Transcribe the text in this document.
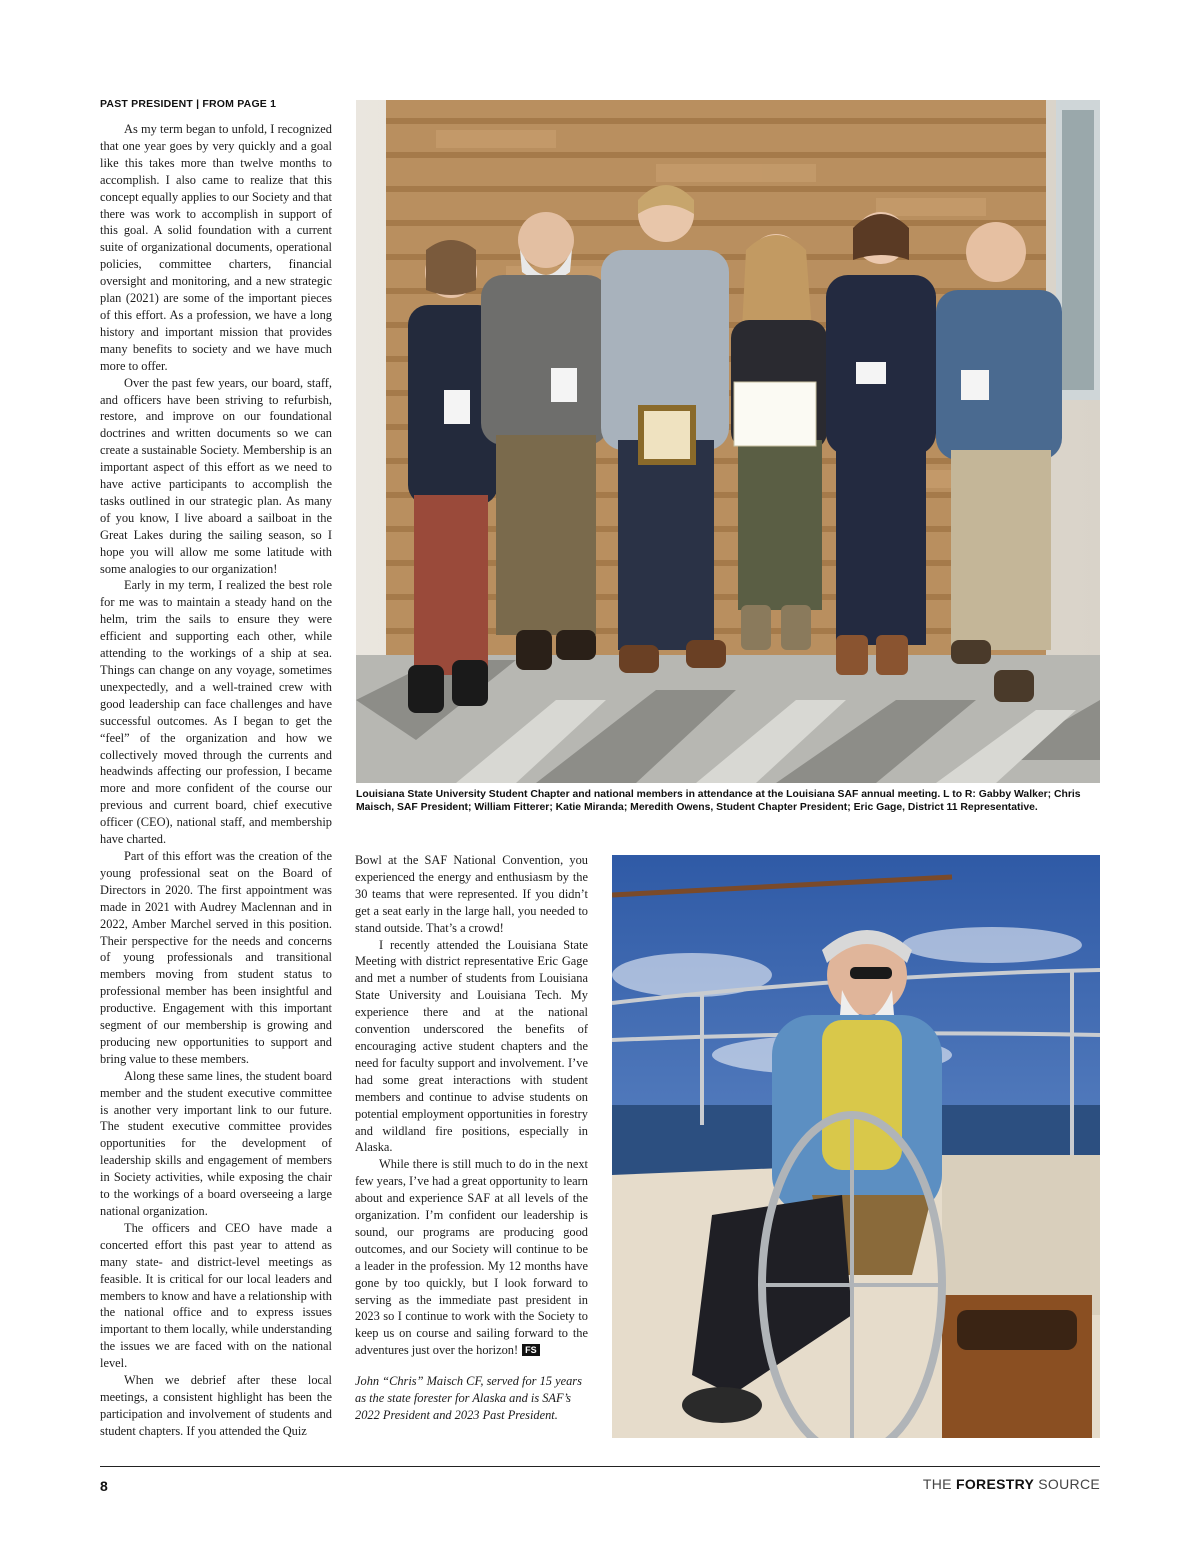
PAST PRESIDENT | FROM PAGE 1

As my term began to unfold, I recognized that one year goes by very quickly and a goal like this takes more than twelve months to accomplish. I also came to realize that this concept equally applies to our Society and that there was work to accomplish in support of this goal. A solid foundation with a current suite of organizational documents, operational policies, committee charters, financial oversight and monitoring, and a new strategic plan (2021) are some of the important pieces of this effort. As a profession, we have a long history and important mission that provides many benefits to society and we have much more to offer.

Over the past few years, our board, staff, and officers have been striving to refurbish, restore, and improve on our foundational doctrines and written documents so we can create a sustainable Society. Membership is an important aspect of this effort as we need to have active participants to accomplish the tasks outlined in our strategic plan. As many of you know, I live aboard a sailboat in the Great Lakes during the sailing season, so I hope you will allow me some latitude with some analogies to our organization!

Early in my term, I realized the best role for me was to maintain a steady hand on the helm, trim the sails to ensure they were efficient and supporting each other, while attending to the workings of a ship at sea. Things can change on any voyage, sometimes unexpectedly, and a well-trained crew with good leadership can face challenges and have successful outcomes. As I began to get the “feel” of the organization and how we collectively moved through the currents and headwinds affecting our profession, I became more and more confident of the course our previous and current board, chief executive officer (CEO), national staff, and membership have charted.

Part of this effort was the creation of the young professional seat on the Board of Directors in 2020. The first appointment was made in 2021 with Audrey Maclennan and in 2022, Amber Marchel served in this position. Their perspective for the needs and concerns of young professionals and transitional members moving from student status to professional member has been insightful and productive. Engagement with this important segment of our membership is growing and producing new opportunities to support and bring value to these members.

Along these same lines, the student board member and the student executive committee is another very important link to our future. The student executive committee provides opportunities for the development of leadership skills and engagement of members in Society activities, while exposing the chair to the workings of a board overseeing a large national organization.

The officers and CEO have made a concerted effort this past year to attend as many state- and district-level meetings as feasible. It is critical for our local leaders and members to know and have a relationship with the national office and to express issues important to them locally, while understanding the issues we are faced with on the national level.

When we debrief after these local meetings, a consistent highlight has been the participation and involvement of students and student chapters. If you attended the Quiz

Louisiana State University Student Chapter and national members in attendance at the Louisiana SAF annual meeting. L to R: Gabby Walker; Chris Maisch, SAF President; William Fitterer; Katie Miranda; Meredith Owens, Student Chapter President; Eric Gage, District 11 Representative.

Bowl at the SAF National Convention, you experienced the energy and enthusiasm by the 30 teams that were represented. If you didn’t get a seat early in the large hall, you needed to stand outside. That’s a crowd!

I recently attended the Louisiana State Meeting with district representative Eric Gage and met a number of students from Louisiana State University and Louisiana Tech. My experience there and at the national convention underscored the benefits of encouraging active student chapters and the need for faculty support and involvement. I’ve had some great interactions with student members and continue to advise students on potential employment opportunities in forestry and wildland fire positions, especially in Alaska.

While there is still much to do in the next few years, I’ve had a great opportunity to learn about and experience SAF at all levels of the organization. I’m confident our leadership is sound, our programs are producing good outcomes, and our Society will continue to be a leader in the profession. My 12 months have gone by too quickly, but I look forward to serving as the immediate past president in 2023 so I continue to work with the Society to keep us on course and sailing forward to the adventures just over the horizon! FS

John “Chris” Maisch CF, served for 15 years as the state forester for Alaska and is SAF’s 2022 President and 2023 Past President.

8	THE FORESTRY SOURCE
